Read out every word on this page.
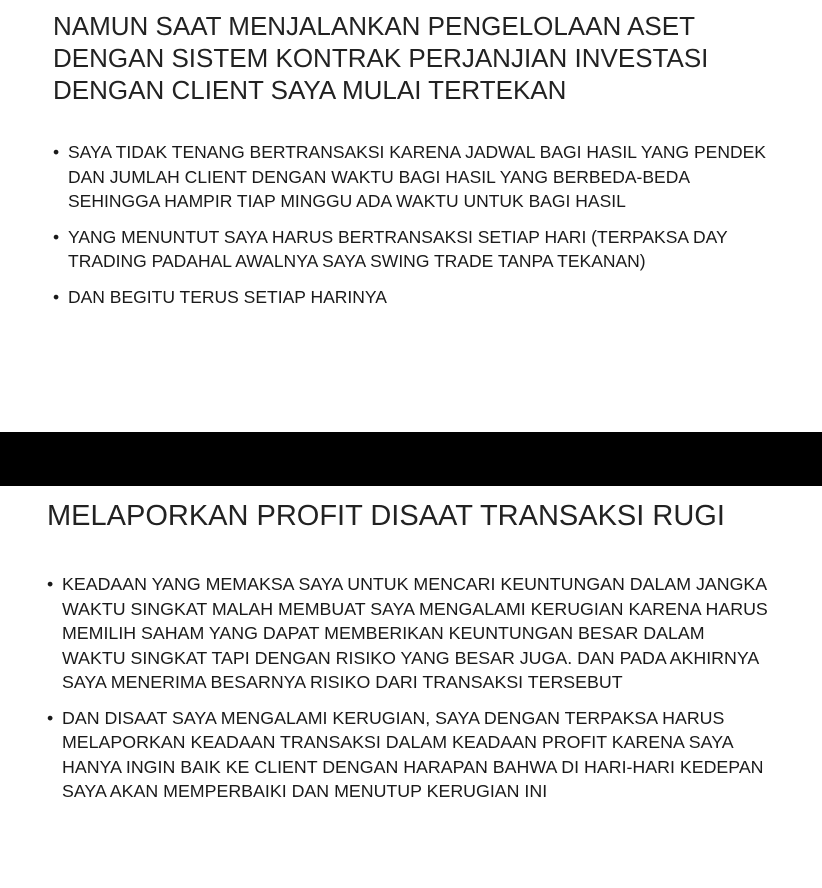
NAMUN SAAT MENJALANKAN PENGELOLAAN ASET DENGAN SISTEM KONTRAK PERJANJIAN INVESTASI DENGAN CLIENT SAYA MULAI TERTEKAN
• SAYA TIDAK TENANG BERTRANSAKSI KARENA JADWAL BAGI HASIL YANG PENDEK DAN JUMLAH CLIENT DENGAN WAKTU BAGI HASIL YANG BERBEDA-BEDA SEHINGGA HAMPIR TIAP MINGGU ADA WAKTU UNTUK BAGI HASIL
• YANG MENUNTUT SAYA HARUS BERTRANSAKSI SETIAP HARI (TERPAKSA DAY TRADING PADAHAL AWALNYA SAYA SWING TRADE TANPA TEKANAN)
• DAN BEGITU TERUS SETIAP HARINYA
MELAPORKAN PROFIT DISAAT TRANSAKSI RUGI
• KEADAAN YANG MEMAKSA SAYA UNTUK MENCARI KEUNTUNGAN DALAM JANGKA WAKTU SINGKAT MALAH MEMBUAT SAYA MENGALAMI KERUGIAN KARENA HARUS MEMILIH SAHAM YANG DAPAT MEMBERIKAN KEUNTUNGAN BESAR DALAM WAKTU SINGKAT TAPI DENGAN RISIKO YANG BESAR JUGA. DAN PADA AKHIRNYA SAYA MENERIMA BESARNYA RISIKO DARI TRANSAKSI TERSEBUT
• DAN DISAAT SAYA MENGALAMI KERUGIAN, SAYA DENGAN TERPAKSA HARUS MELAPORKAN KEADAAN TRANSAKSI DALAM KEADAAN PROFIT KARENA SAYA HANYA INGIN BAIK KE CLIENT DENGAN HARAPAN BAHWA DI HARI-HARI KEDEPAN SAYA AKAN MEMPERBAIKI DAN MENUTUP KERUGIAN INI
